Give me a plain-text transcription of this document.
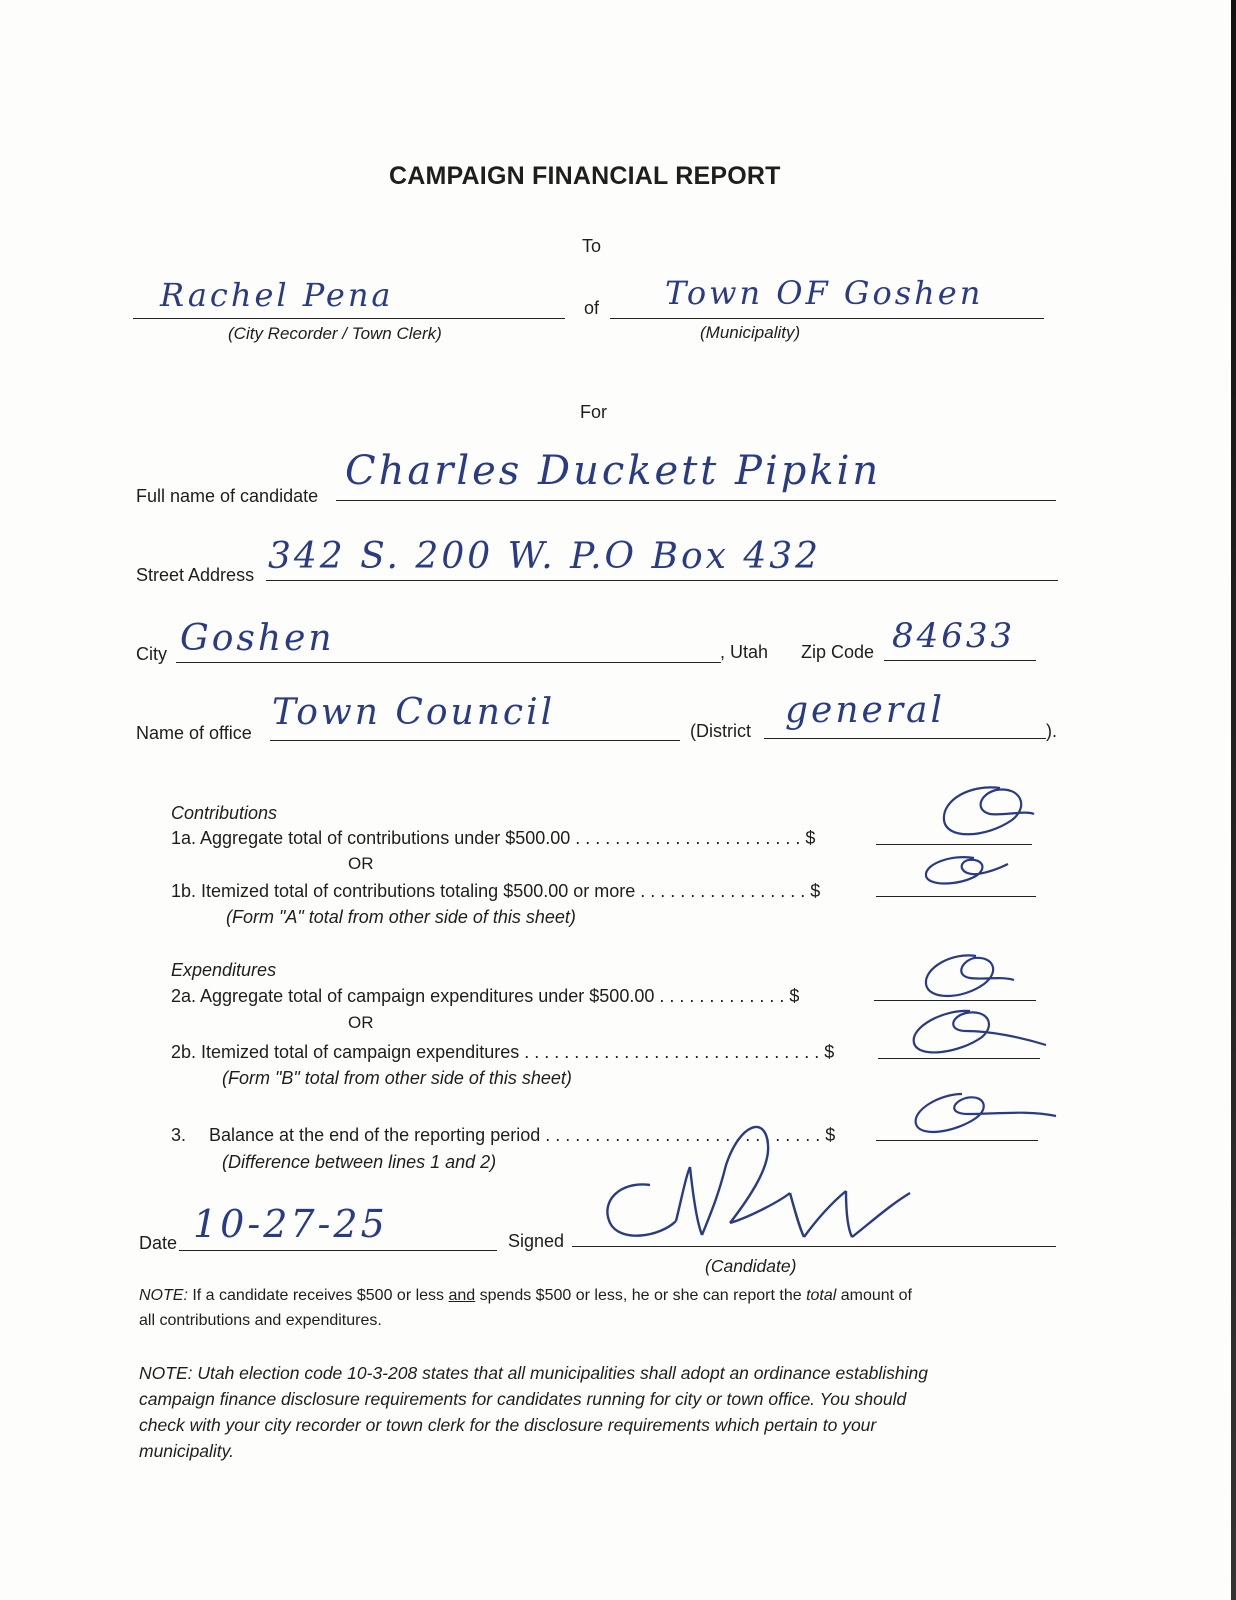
CAMPAIGN FINANCIAL REPORT
To
Rachel Pena
(City Recorder / Town Clerk)
of Town OF Goshen
(Municipality)
For
Full name of candidate
Charles Duckett Pipkin
Street Address 342 S. 200 W. P.O Box 432
City Goshen	, Utah Zip Code 84633
Name of office Town Council	(District general	).
Contributions
1a. Aggregate total of contributions under $500.00 . . . . . . . . . . . . . . . . . . . . . . . $
OR
1b. Itemized total of contributions totaling $500.00 or more . . . . . . . . . . . . . . . . . $
(Form "A" total from other side of this sheet)
Expenditures
2a. Aggregate total of campaign expenditures under $500.00 . . . . . . . . . . . . . $
OR
2b. Itemized total of campaign expenditures . . . . . . . . . . . . . . . . . . . . . . . . . . . . . . $
(Form "B" total from other side of this sheet)
3. Balance at the end of the reporting period . . . . . . . . . . . . . . . . . . . . . . . . . . . . $
(Difference between lines 1 and 2)
Date 10-27-25	Signed
(Candidate)
NOTE: If a candidate receives $500 or less and spends $500 or less, he or she can report the total amount of
all contributions and expenditures.
NOTE: Utah election code 10-3-208 states that all municipalities shall adopt an ordinance establishing
campaign finance disclosure requirements for candidates running for city or town office. You should
check with your city recorder or town clerk for the disclosure requirements which pertain to your
municipality.
